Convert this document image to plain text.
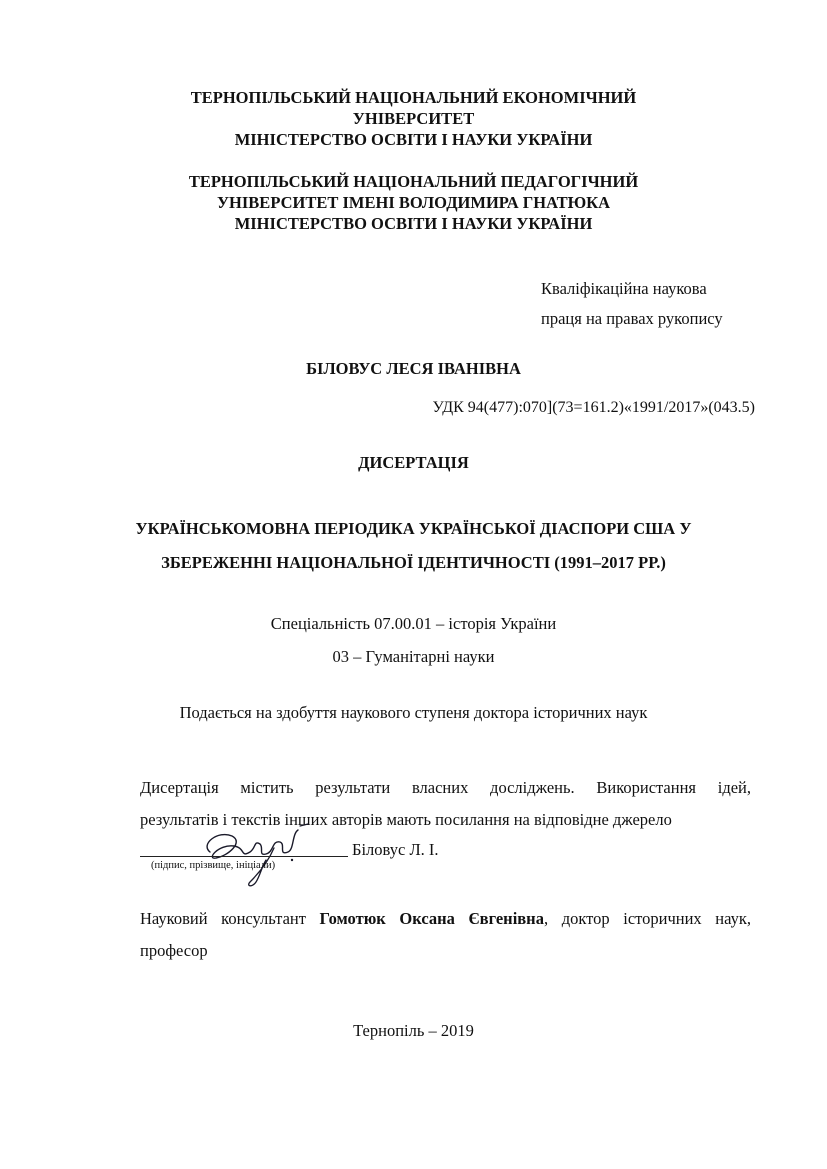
ТЕРНОПІЛЬСЬКИЙ НАЦІОНАЛЬНИЙ ЕКОНОМІЧНИЙ
УНІВЕРСИТЕТ
МІНІСТЕРСТВО ОСВІТИ І НАУКИ УКРАЇНИ
ТЕРНОПІЛЬСЬКИЙ НАЦІОНАЛЬНИЙ ПЕДАГОГІЧНИЙ
УНІВЕРСИТЕТ ІМЕНІ ВОЛОДИМИРА ГНАТЮКА
МІНІСТЕРСТВО ОСВІТИ І НАУКИ УКРАЇНИ
Кваліфікаційна наукова
праця на правах рукопису
БІЛОВУС ЛЕСЯ ІВАНІВНА
УДК 94(477):070](73=161.2)«1991/2017»(043.5)
ДИСЕРТАЦІЯ
УКРАЇНСЬКОМОВНА ПЕРІОДИКА УКРАЇНСЬКОЇ ДІАСПОРИ США У
ЗБЕРЕЖЕННІ НАЦІОНАЛЬНОЇ ІДЕНТИЧНОСТІ (1991–2017 РР.)
Спеціальність 07.00.01 – історія України
03 – Гуманітарні науки
Подається на здобуття наукового ступеня доктора історичних наук
Дисертація містить результати власних досліджень. Використання ідей,
результатів і текстів інших авторів мають посилання на відповідне джерело
Біловус Л. І.
(підпис, прізвище, ініціали)
Науковий консультант Гомотюк Оксана Євгенівна, доктор історичних наук,
професор
Тернопіль – 2019
